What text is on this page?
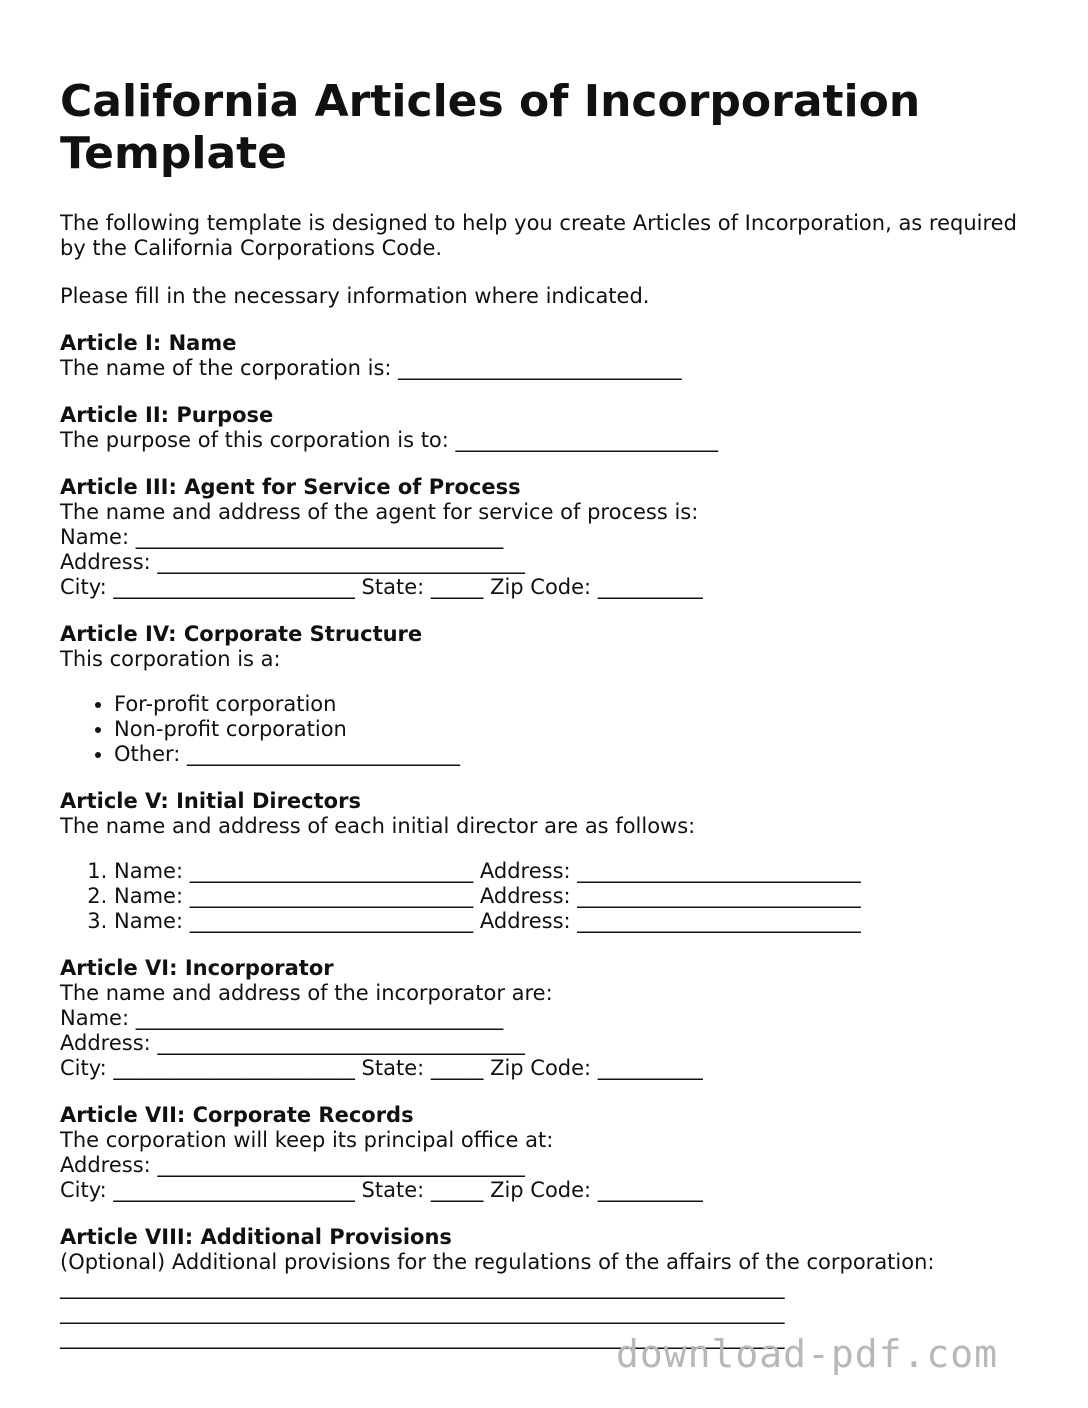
California Articles of Incorporation Template

The following template is designed to help you create Articles of Incorporation, as required by the California Corporations Code.

Please fill in the necessary information where indicated.

Article I: Name
The name of the corporation is: ___________________________
Article II: Purpose
The purpose of this corporation is to: _________________________
Article III: Agent for Service of Process
The name and address of the agent for service of process is:
Name: ___________________________________
Address: ___________________________________
City: _______________________ State: _____ Zip Code: __________
Article IV: Corporate Structure
This corporation is a:
• For-profit corporation
• Non-profit corporation
• Other: __________________________
Article V: Initial Directors
The name and address of each initial director are as follows:
1. Name: ___________________________ Address: ___________________________
2. Name: ___________________________ Address: ___________________________
3. Name: ___________________________ Address: ___________________________
Article VI: Incorporator
The name and address of the incorporator are:
Name: ___________________________________
Address: ___________________________________
City: _______________________ State: _____ Zip Code: __________
Article VII: Corporate Records
The corporation will keep its principal office at:
Address: ___________________________________
City: _______________________ State: _____ Zip Code: __________
Article VIII: Additional Provisions
(Optional) Additional provisions for the regulations of the affairs of the corporation:
_____________________________________________________________________
_____________________________________________________________________
_____________________________________________________________________
download-pdf.com
